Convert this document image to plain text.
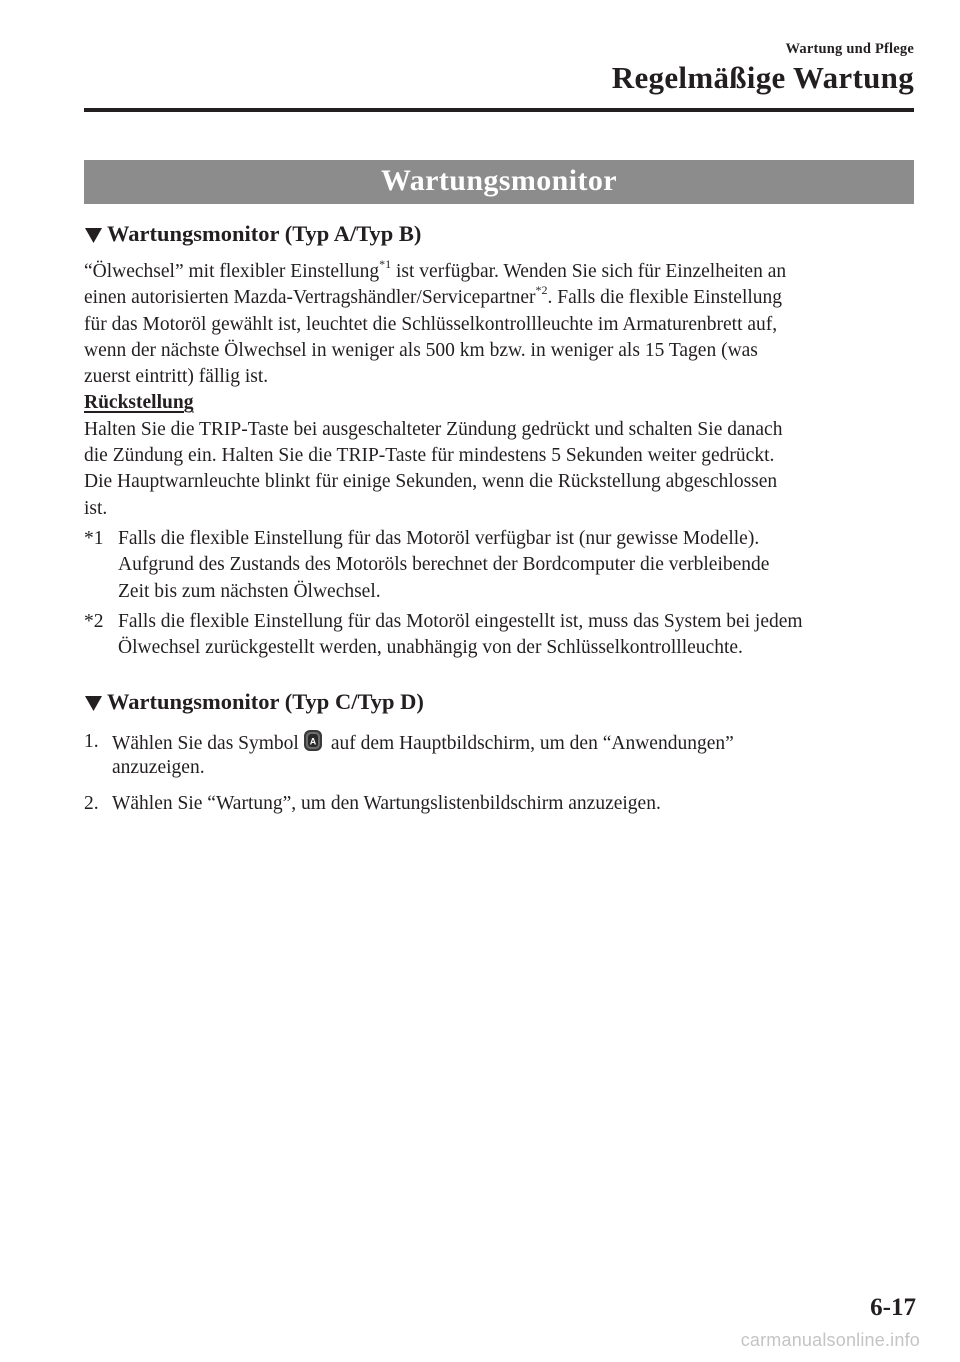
Wartung und Pflege
Regelmäßige Wartung
Wartungsmonitor
Wartungsmonitor (Typ A/Typ B)
“Ölwechsel” mit flexibler Einstellung$^{*1}$ ist verfügbar. Wenden Sie sich für Einzelheiten an
einen autorisierten Mazda-Vertragshändler/Servicepartner$^{*2}$. Falls die flexible Einstellung
für das Motoröl gewählt ist, leuchtet die Schlüsselkontrollleuchte im Armaturenbrett auf,
wenn der nächste Ölwechsel in weniger als 500 km bzw. in weniger als 15 Tagen (was
zuerst eintritt) fällig ist.
Rückstellung
Halten Sie die TRIP-Taste bei ausgeschalteter Zündung gedrückt und schalten Sie danach
die Zündung ein. Halten Sie die TRIP-Taste für mindestens 5 Sekunden weiter gedrückt.
Die Hauptwarnleuchte blinkt für einige Sekunden, wenn die Rückstellung abgeschlossen
ist.
*1 Falls die flexible Einstellung für das Motoröl verfügbar ist (nur gewisse Modelle).
Aufgrund des Zustands des Motoröls berechnet der Bordcomputer die verbleibende
Zeit bis zum nächsten Ölwechsel.
*2 Falls die flexible Einstellung für das Motoröl eingestellt ist, muss das System bei jedem
Ölwechsel zurückgestellt werden, unabhängig von der Schlüsselkontrollleuchte.
Wartungsmonitor (Typ C/Typ D)
1. Wählen Sie das Symbol A auf dem Hauptbildschirm, um den “Anwendungen”
anzuzeigen.
2. Wählen Sie “Wartung”, um den Wartungslistenbildschirm anzuzeigen.
6-17
carmanualsonline.info
